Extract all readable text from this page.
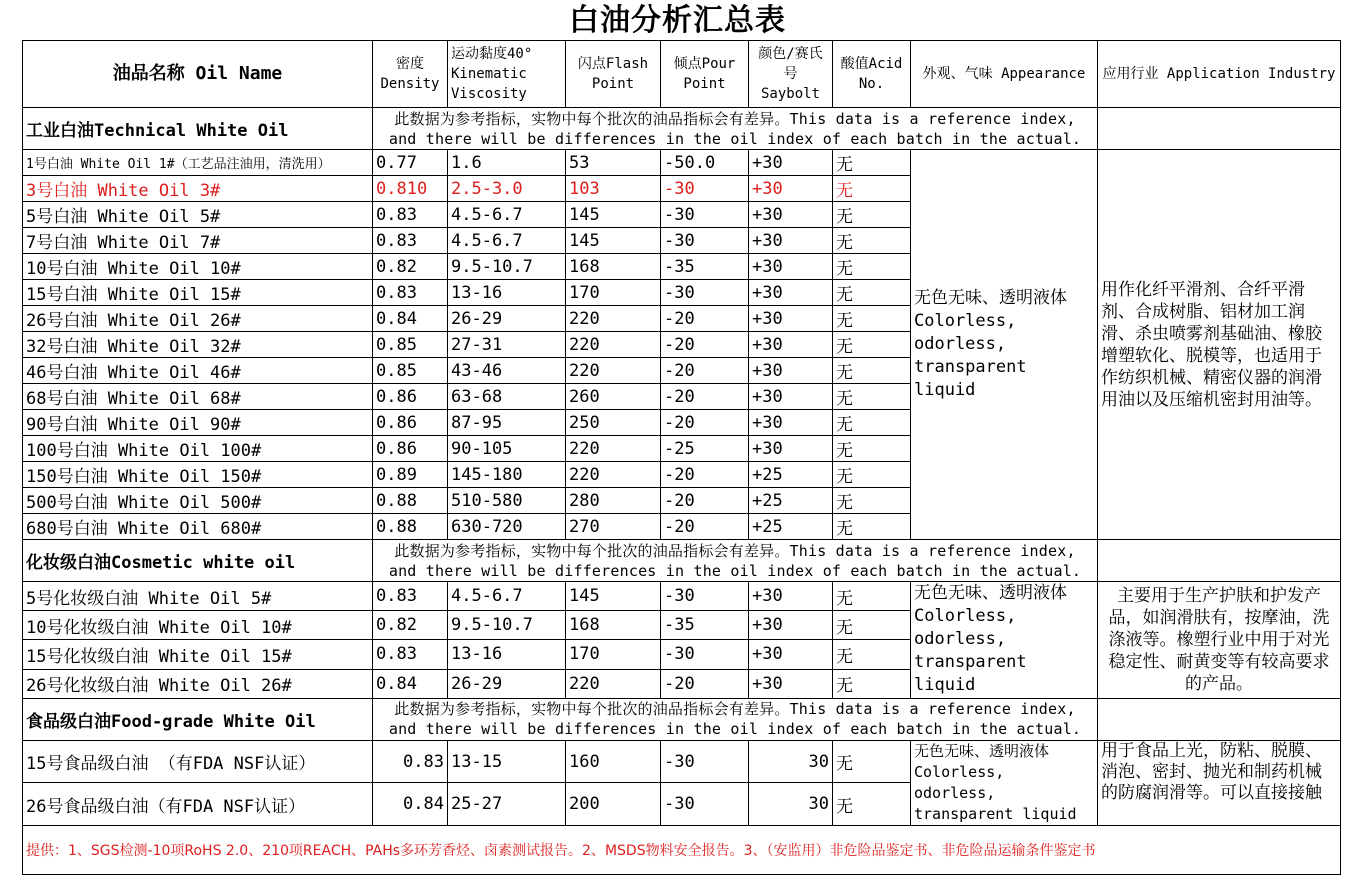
白油分析汇总表
油品名称 Oil Name	密度 Density	运动黏度40° Kinematic Viscosity	闪点Flash Point	倾点Pour Point	颜色/赛氏号 Saybolt	酸值Acid No.	外观、气味 Appearance	应用行业 Application Industry
工业白油Technical White Oil	此数据为参考指标，实物中每个批次的油品指标会有差异。This data is a reference index, and there will be differences in the oil index of each batch in the actual.							
1号白油 White Oil 1#（工艺品注油用，清洗用）	0.77	1.6	53	-50.0	+30	无	无色无味、透明液体
Colorless, odorless, transparent liquid	用作化纤平滑剂、合纤平滑剂、合成树脂、铝材加工润滑、杀虫喷雾剂基础油、橡胶增塑软化、脱模等，也适用于作纺织机械、精密仪器的润滑用油以及压缩机密封用油等。
3号白油 White Oil 3#	0.810	2.5-3.0	103	-30	+30	无		
5号白油 White Oil 5#	0.83	4.5-6.7	145	-30	+30	无		
7号白油 White Oil 7#	0.83	4.5-6.7	145	-30	+30	无		
10号白油 White Oil 10#	0.82	9.5-10.7	168	-35	+30	无		
15号白油 White Oil 15#	0.83	13-16	170	-30	+30	无		
26号白油 White Oil 26#	0.84	26-29	220	-20	+30	无		
32号白油 White Oil 32#	0.85	27-31	220	-20	+30	无		
46号白油 White Oil 46#	0.85	43-46	220	-20	+30	无		
68号白油 White Oil 68#	0.86	63-68	260	-20	+30	无		
90号白油 White Oil 90#	0.86	87-95	250	-20	+30	无		
100号白油 White Oil 100#	0.86	90-105	220	-25	+30	无		
150号白油 White Oil 150#	0.89	145-180	220	-20	+25	无		
500号白油 White Oil 500#	0.88	510-580	280	-20	+25	无		
680号白油 White Oil 680#	0.88	630-720	270	-20	+25	无		
化妆级白油Cosmetic white oil	此数据为参考指标，实物中每个批次的油品指标会有差异。This data is a reference index, and there will be differences in the oil index of each batch in the actual.							
5号化妆级白油 White Oil 5#	0.83	4.5-6.7	145	-30	+30	无	无色无味、透明液体
Colorless, odorless, transparent liquid	主要用于生产护肤和护发产品，如润滑肤有，按摩油，洗涤液等。橡塑行业中用于对光稳定性、耐黄变等有较高要求的产品。
10号化妆级白油 White Oil 10#	0.82	9.5-10.7	168	-35	+30	无		
15号化妆级白油 White Oil 15#	0.83	13-16	170	-30	+30	无		
26号化妆级白油 White Oil 26#	0.84	26-29	220	-20	+30	无		
食品级白油Food-grade White Oil	此数据为参考指标，实物中每个批次的油品指标会有差异。This data is a reference index, and there will be differences in the oil index of each batch in the actual.							
15号食品级白油 （有FDA NSF认证）	0.83	13-15	160	-30	30	无	无色无味、透明液体
Colorless, odorless, transparent liquid	用于食品上光，防粘、脱膜、消泡、密封、抛光和制药机械的防腐润滑等。可以直接接触
26号食品级白油（有FDA NSF认证）	0.84	25-27	200	-30	30	无		
提供：1、SGS检测-10项RoHS 2.0、210项REACH、PAHs多环芳香烃、卤素测试报告。2、MSDS物料安全报告。3、（安监用）非危险品鉴定书、非危险品运输条件鉴定书								
